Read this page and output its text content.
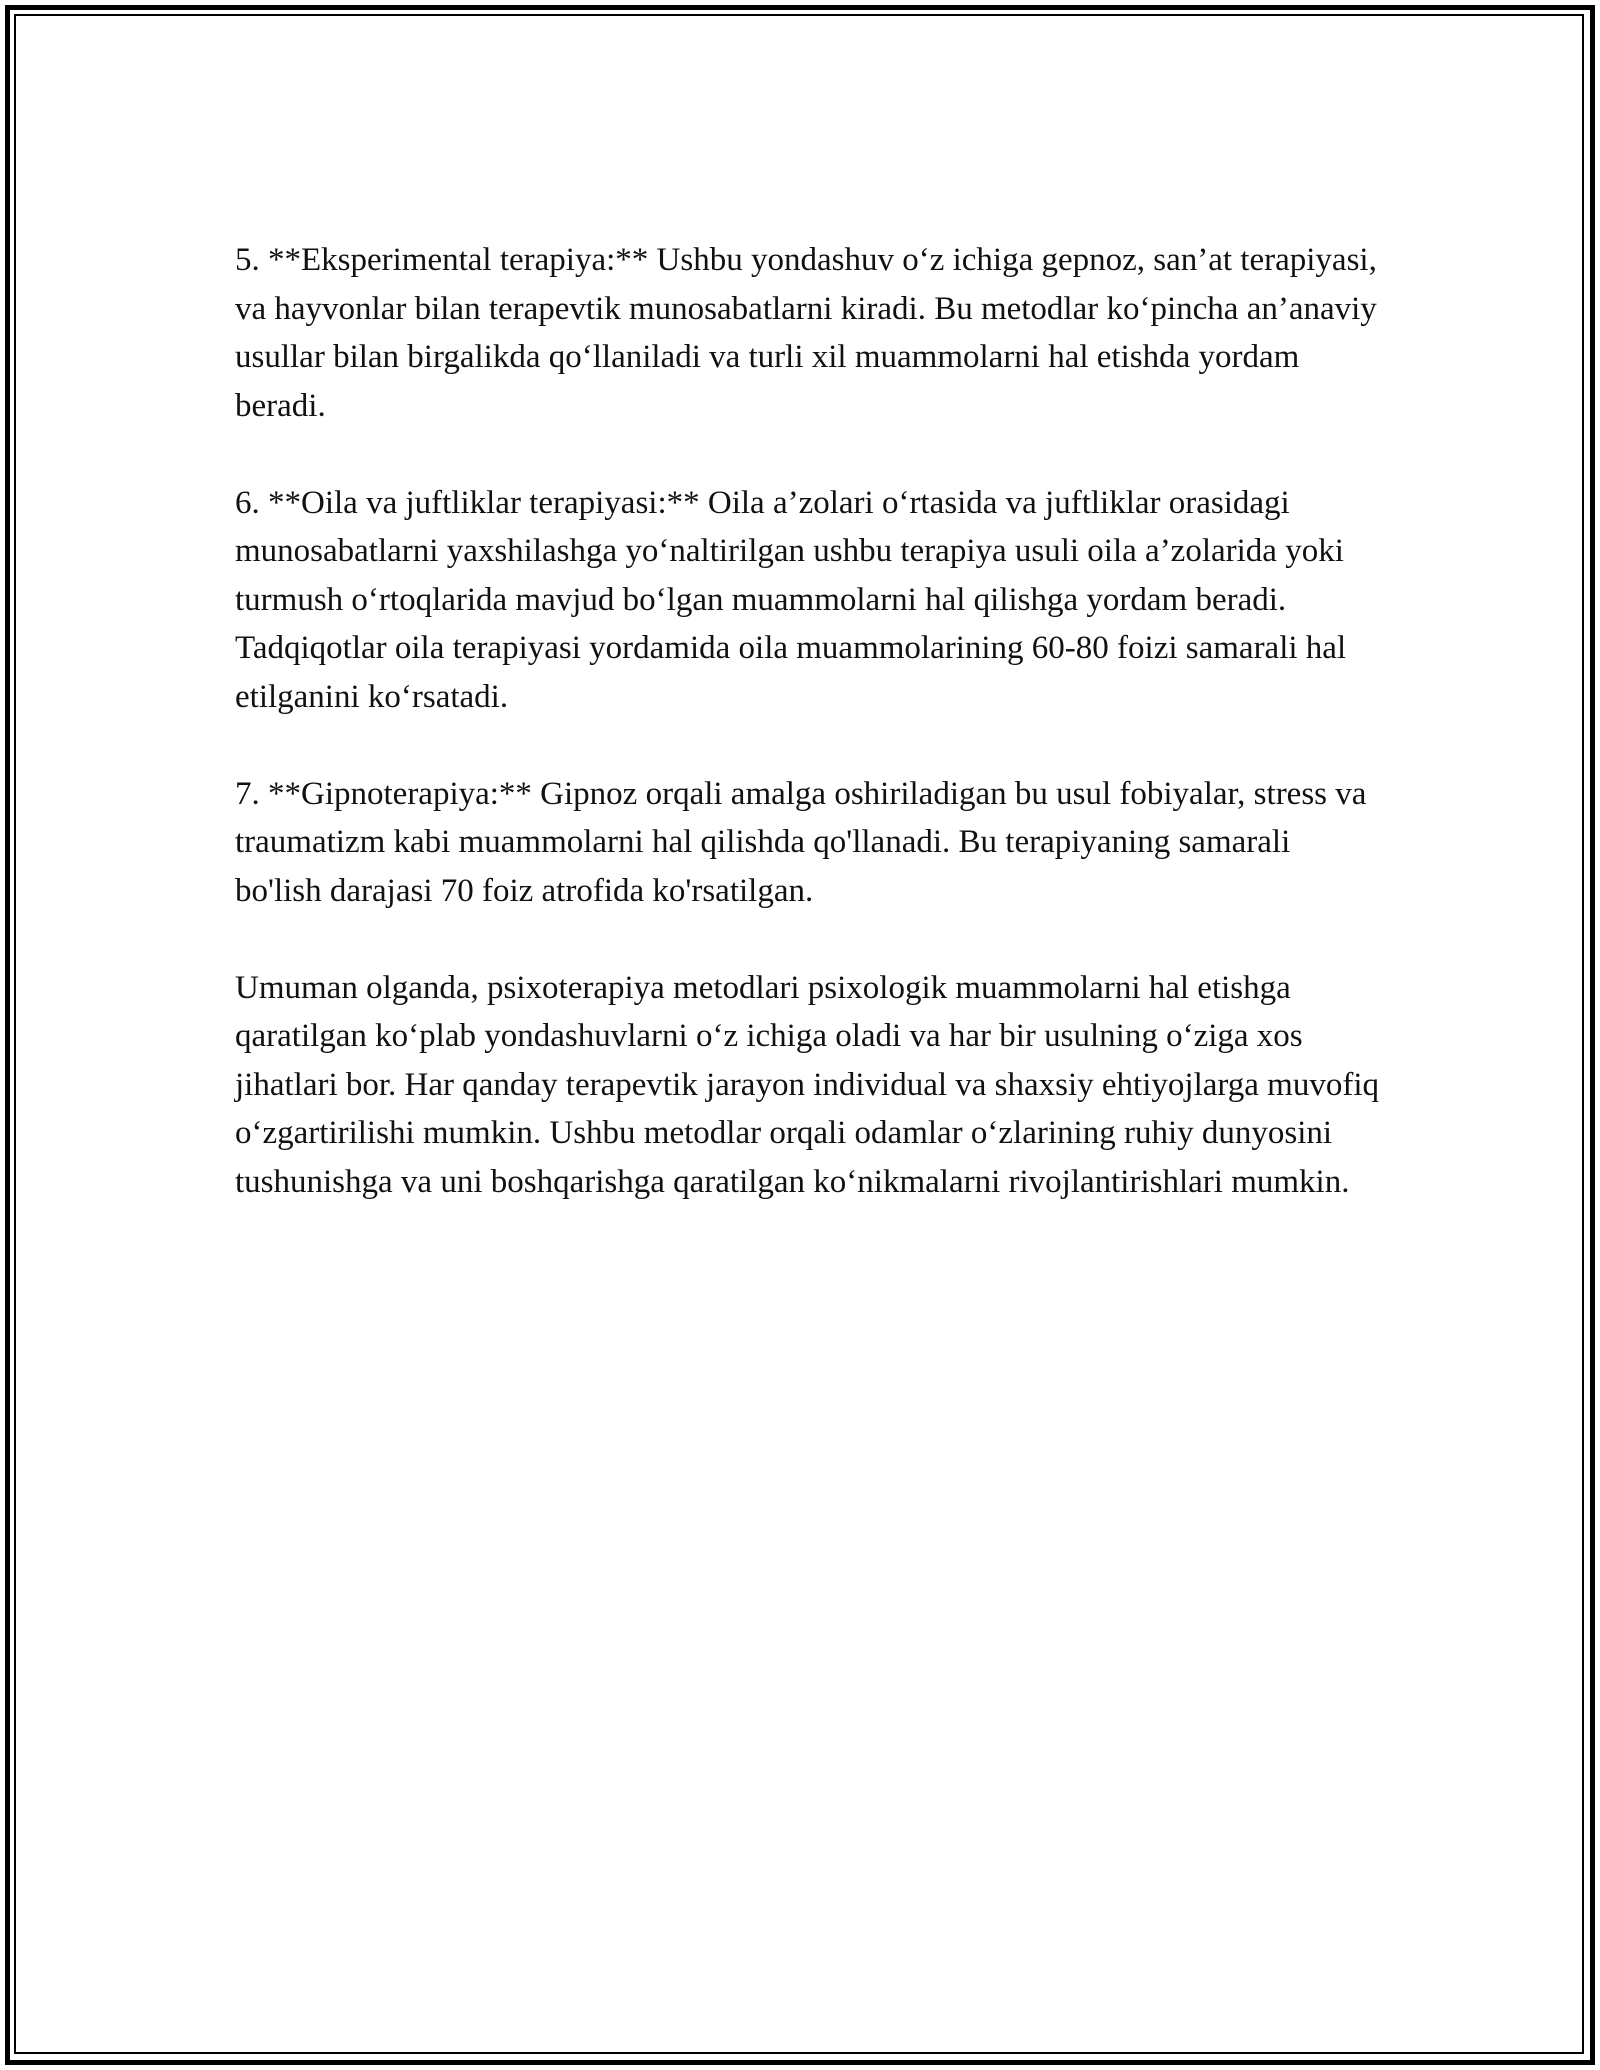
5. **Eksperimental terapiya:** Ushbu yondashuv o‘z ichiga gepnoz, san’at terapiyasi, va hayvonlar bilan terapevtik munosabatlarni kiradi. Bu metodlar ko‘pincha an’anaviy usullar bilan birgalikda qo‘llaniladi va turli xil muammolarni hal etishda yordam beradi.

6. **Oila va juftliklar terapiyasi:** Oila a’zolari o‘rtasida va juftliklar orasidagi munosabatlarni yaxshilashga yo‘naltirilgan ushbu terapiya usuli oila a’zolarida yoki turmush o‘rtoqlarida mavjud bo‘lgan muammolarni hal qilishga yordam beradi. Tadqiqotlar oila terapiyasi yordamida oila muammolarining 60-80 foizi samarali hal etilganini ko‘rsatadi.

7. **Gipnoterapiya:** Gipnoz orqali amalga oshiriladigan bu usul fobiyalar, stress va traumatizm kabi muammolarni hal qilishda qo'llanadi. Bu terapiyaning samarali bo'lish darajasi 70 foiz atrofida ko'rsatilgan.

Umuman olganda, psixoterapiya metodlari psixologik muammolarni hal etishga qaratilgan ko‘plab yondashuvlarni o‘z ichiga oladi va har bir usulning o‘ziga xos jihatlari bor. Har qanday terapevtik jarayon individual va shaxsiy ehtiyojlarga muvofiq o‘zgartirilishi mumkin. Ushbu metodlar orqali odamlar o‘zlarining ruhiy dunyosini tushunishga va uni boshqarishga qaratilgan ko‘nikmalarni rivojlantirishlari mumkin.
